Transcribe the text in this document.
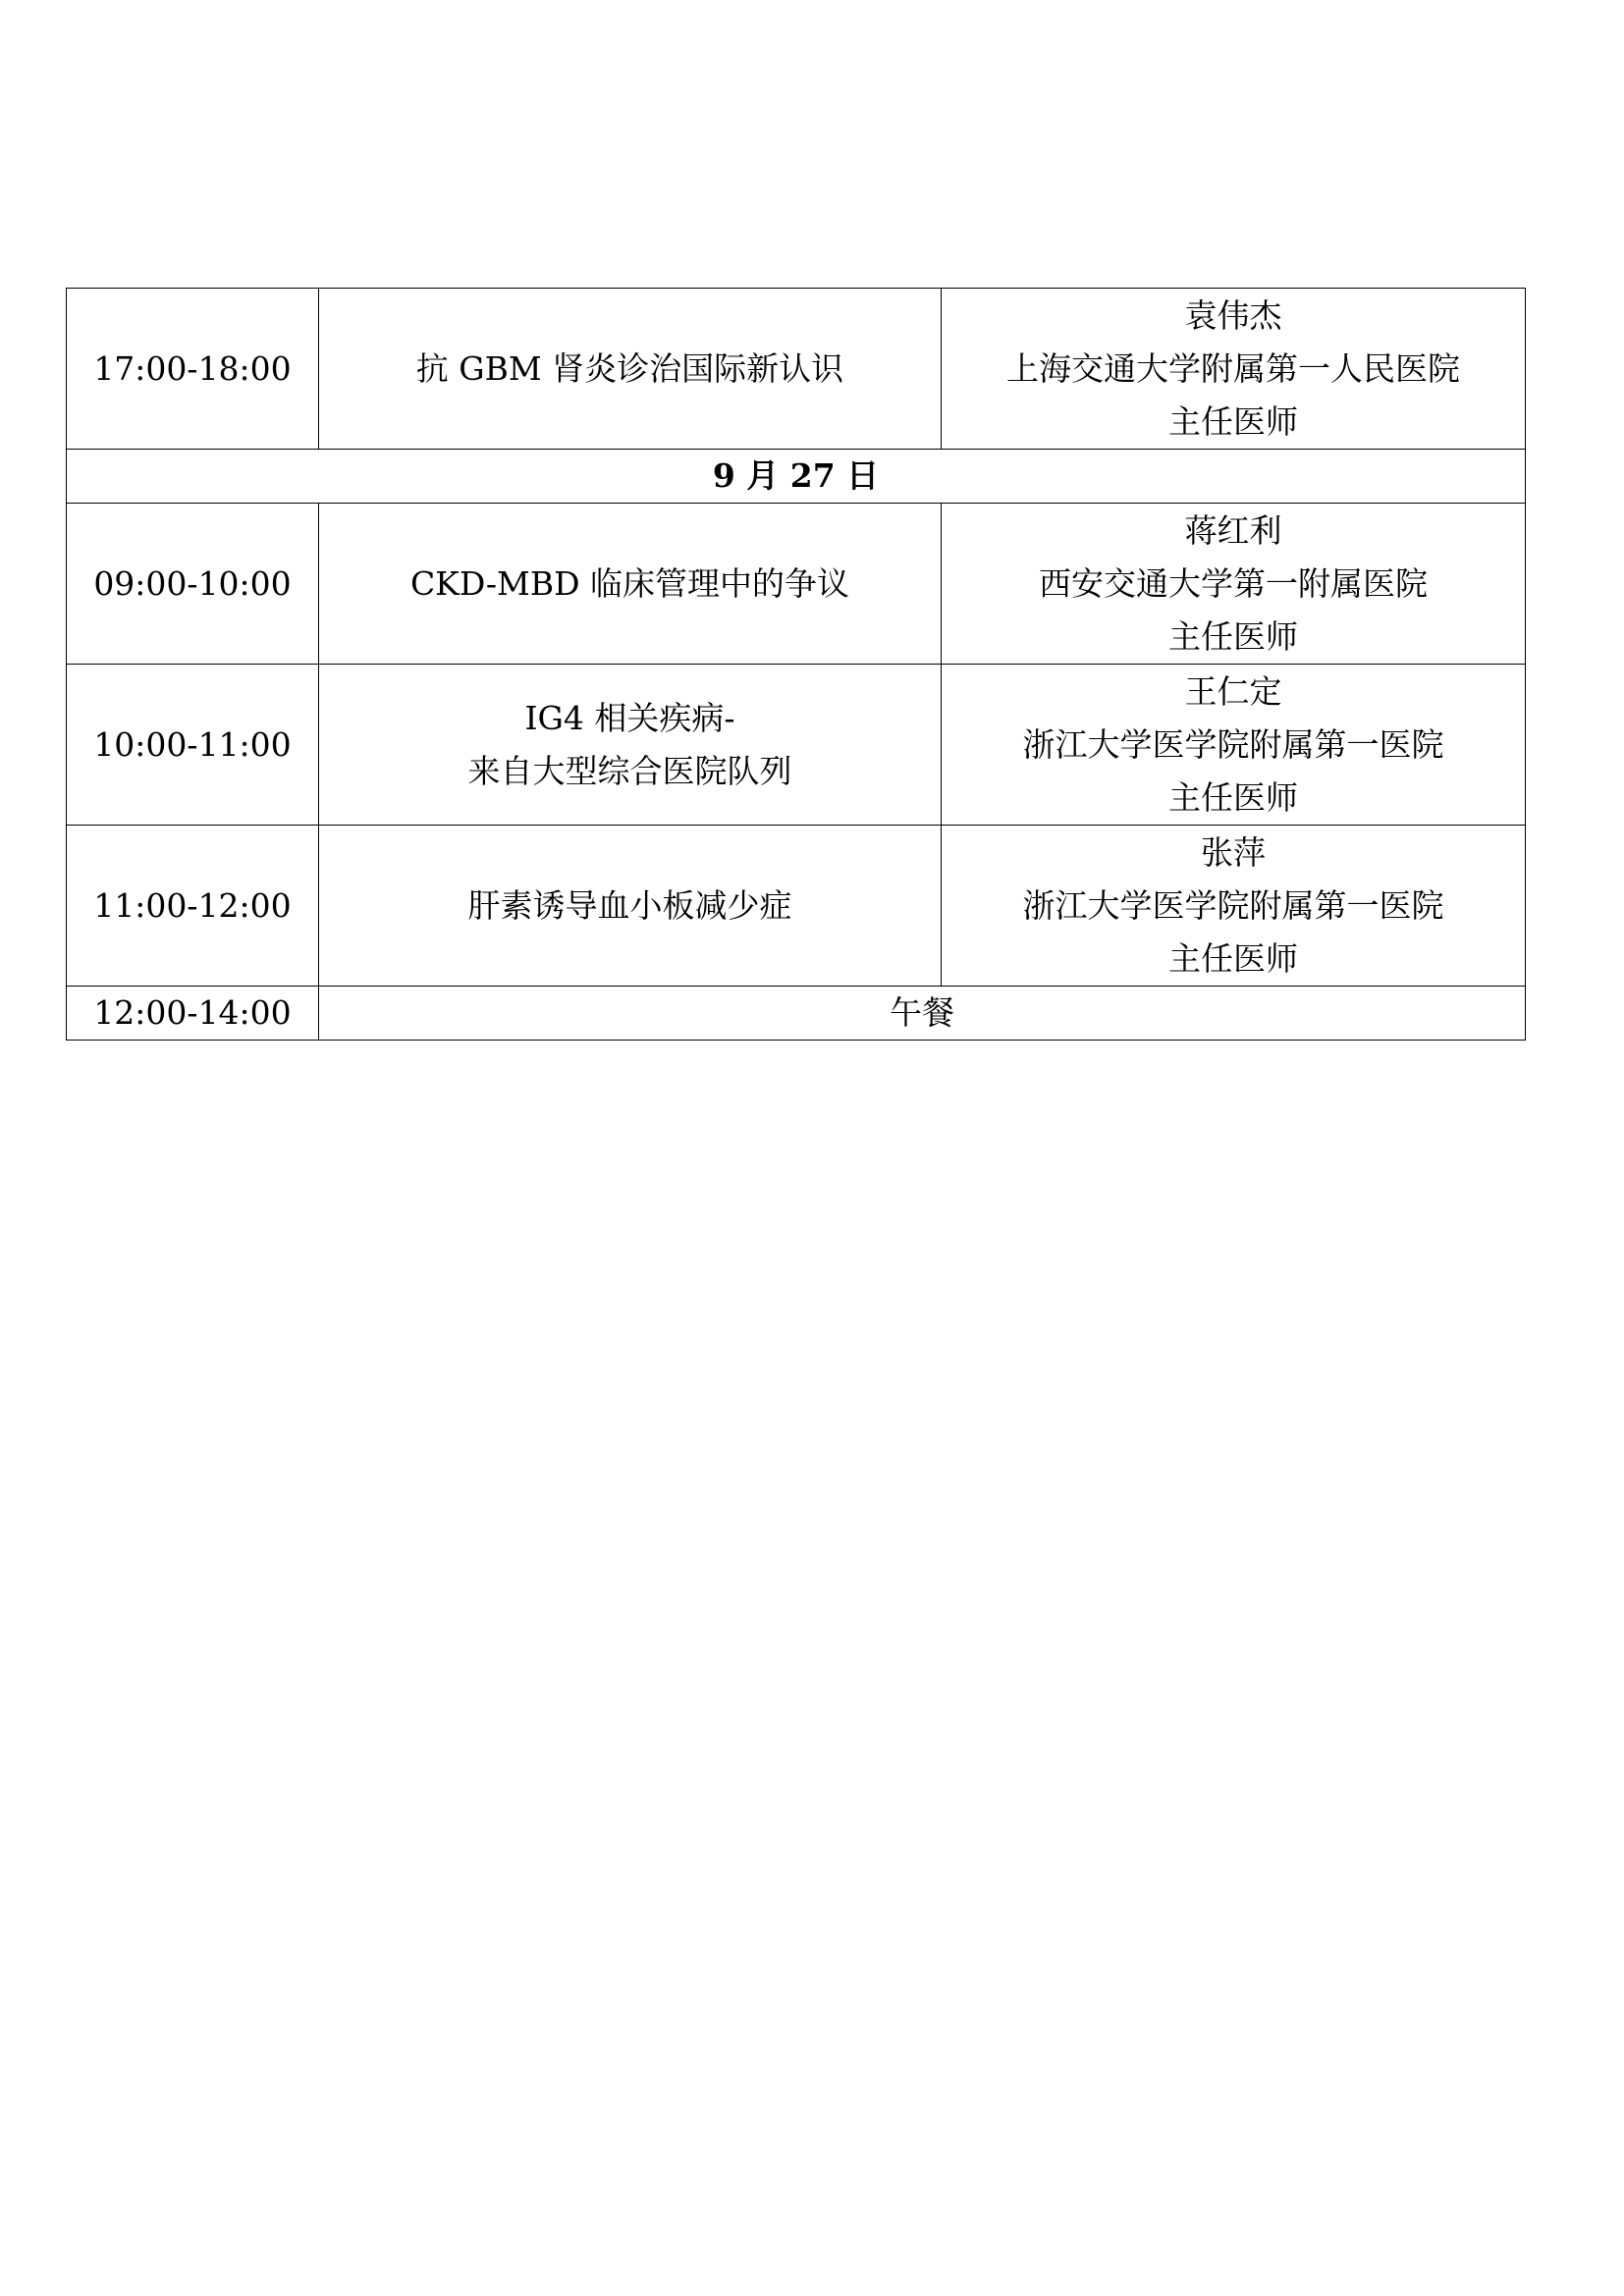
17:00-18:00	抗 GBM 肾炎诊治国际新认识	袁伟杰
上海交通大学附属第一人民医院
主任医师

9 月 27 日		
09:00-10:00	CKD-MBD 临床管理中的争议	蒋红利
西安交通大学第一附属医院
主任医师

10:00-11:00	IG4 相关疾病-
来自大型综合医院队列	王仁定
浙江大学医学院附属第一医院
主任医师

11:00-12:00	肝素诱导血小板减少症	张萍
浙江大学医学院附属第一医院
主任医师

12:00-14:00	午餐	
